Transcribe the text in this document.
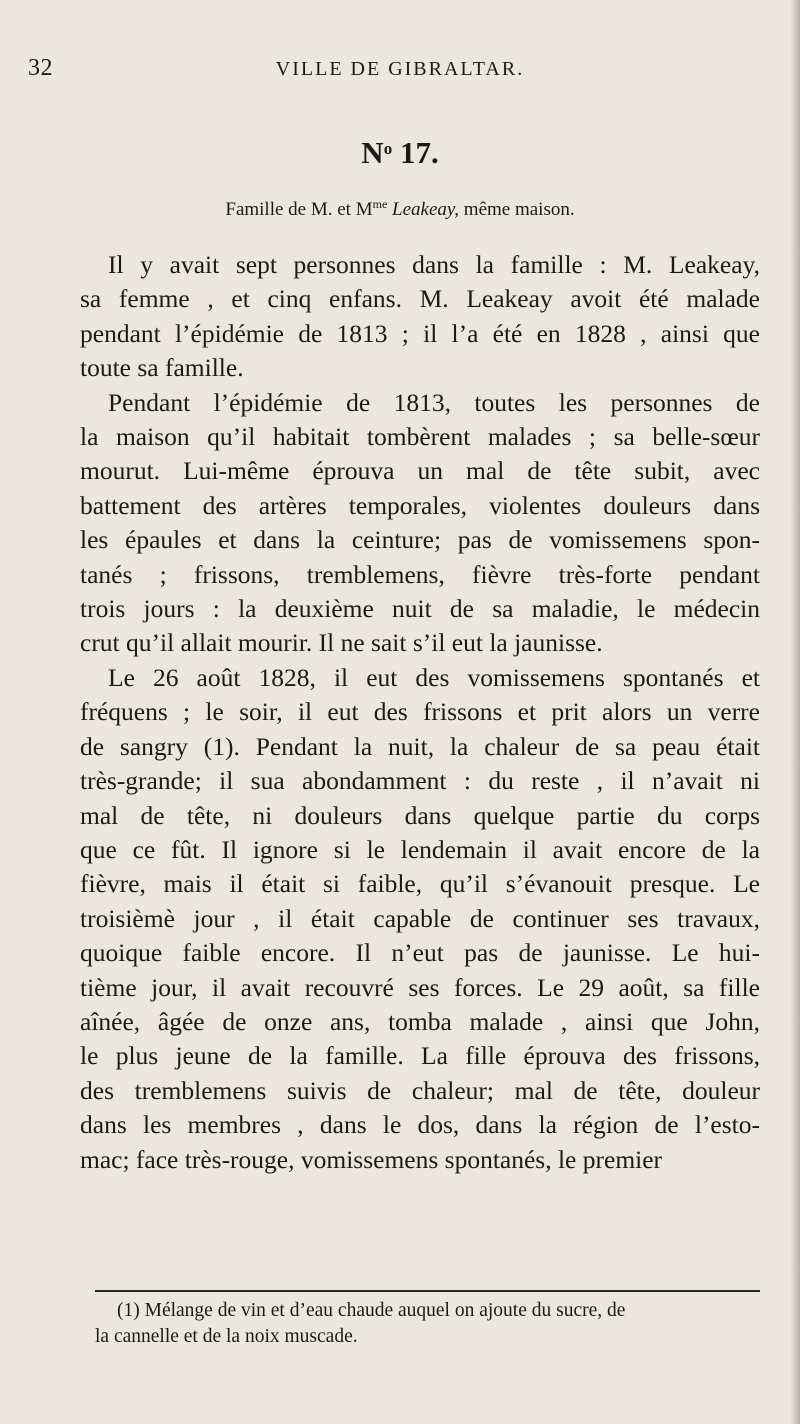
32	VILLE DE GIBRALTAR.
$N^o$ 17.
Famille de M. et $M^{me}$ Leakeay, même maison.
Il y avait sept personnes dans la famille : M. Leakeay,
sa femme , et cinq enfans. M. Leakeay avoit été malade
pendant l’épidémie de 1813 ; il l’a été en 1828 , ainsi que
toute sa famille.
Pendant l’épidémie de 1813, toutes les personnes de
la maison qu’il habitait tombèrent malades ; sa belle-sœur
mourut. Lui-même éprouva un mal de tête subit, avec
battement des artères temporales, violentes douleurs dans
les épaules et dans la ceinture; pas de vomissemens spon-
tanés ; frissons, tremblemens, fièvre très-forte pendant
trois jours : la deuxième nuit de sa maladie, le médecin
crut qu’il allait mourir. Il ne sait s’il eut la jaunisse.
Le 26 août 1828, il eut des vomissemens spontanés et
fréquens ; le soir, il eut des frissons et prit alors un verre
de sangry (1). Pendant la nuit, la chaleur de sa peau était
très-grande; il sua abondamment : du reste , il n’avait ni
mal de tête, ni douleurs dans quelque partie du corps
que ce fût. Il ignore si le lendemain il avait encore de la
fièvre, mais il était si faible, qu’il s’évanouit presque. Le
troisièmè jour , il était capable de continuer ses travaux,
quoique faible encore. Il n’eut pas de jaunisse. Le hui-
tième jour, il avait recouvré ses forces. Le 29 août, sa fille
aînée, âgée de onze ans, tomba malade , ainsi que John,
le plus jeune de la famille. La fille éprouva des frissons,
des tremblemens suivis de chaleur; mal de tête, douleur
dans les membres , dans le dos, dans la région de l’esto-
mac; face très-rouge, vomissemens spontanés, le premier
(1) Mélange de vin et d’eau chaude auquel on ajoute du sucre, de
la cannelle et de la noix muscade.
